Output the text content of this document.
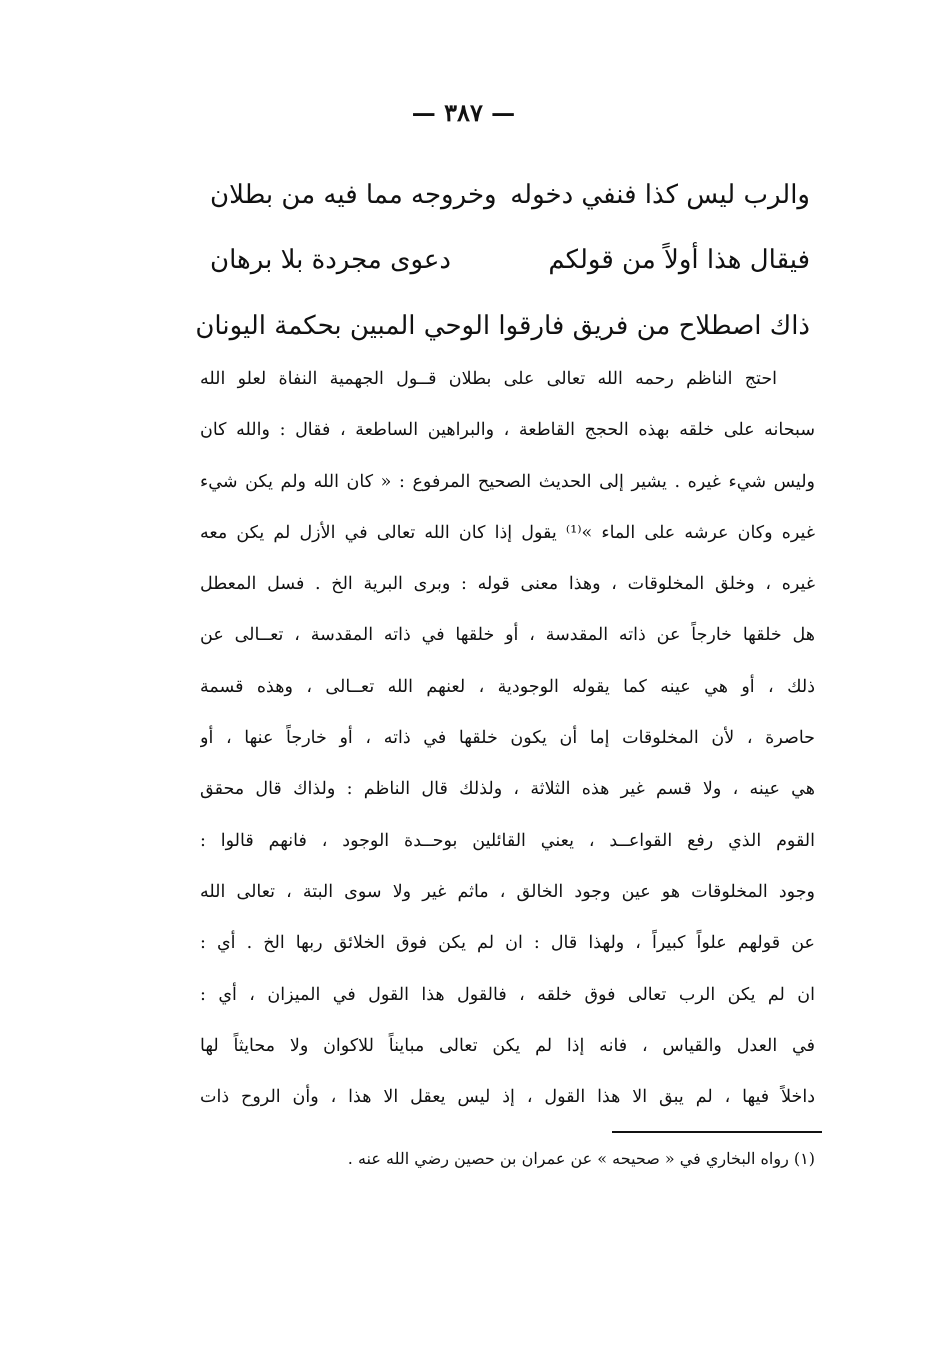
— ٣٨٧ —
والرب ليس كذا فنفي دخوله
وخروجه مما فيه من بطلان
فيقال هذا أولاً من قولكم
دعوى مجردة بلا برهان
ذاك اصطلاح من فريق فارقوا الوحي المبين بحكمة اليونان
احتج الناظم رحمه الله تعالى على بطلان قــول الجهمية النفاة لعلو الله
سبحانه على خلقه بهذه الحجج القاطعة ، والبراهين الساطعة ، فقال : والله كان
وليس شيء غيره . يشير إلى الحديث الصحيح المرفوع : « كان الله ولم يكن شيء
غيره وكان عرشه على الماء »⁽¹⁾ يقول إذا كان الله تعالى في الأزل لم يكن معه
غيره ، وخلق المخلوقات ، وهذا معنى قوله : وبرى البرية الخ . فسل المعطل
هل خلقها خارجاً عن ذاته المقدسة ، أو خلقها في ذاته المقدسة ، تعــالى عن
ذلك ، أو هي عينه كما يقوله الوجودية ، لعنهم الله تعــالى ، وهذه قسمة
حاصرة ، لأن المخلوقات إما أن يكون خلقها في ذاته ، أو خارجاً عنها ، أو
هي عينه ، ولا قسم غير هذه الثلاثة ، ولذلك قال الناظم : ولذاك قال محقق
القوم الذي رفع القواعــد ، يعني القائلين بوحــدة الوجود ، فانهم قالوا :
وجود المخلوقات هو عين وجود الخالق ، ماثم غير ولا سوى البتة ، تعالى الله
عن قولهم علواً كبيراً ، ولهذا قال : ان لم يكن فوق الخلائق ربها الخ . أي :
ان لم يكن الرب تعالى فوق خلقه ، فالقول هذا القول في الميزان ، أي :
في العدل والقياس ، فانه إذا لم يكن تعالى مبايناً للاكوان ولا محايثاً لها
داخلاً فيها ، لم يبق الا هذا القول ، إذ ليس يعقل الا هذا ، وأن الروح ذات
(١) رواه البخاري في « صحيحه » عن عمران بن حصين رضي الله عنه .
